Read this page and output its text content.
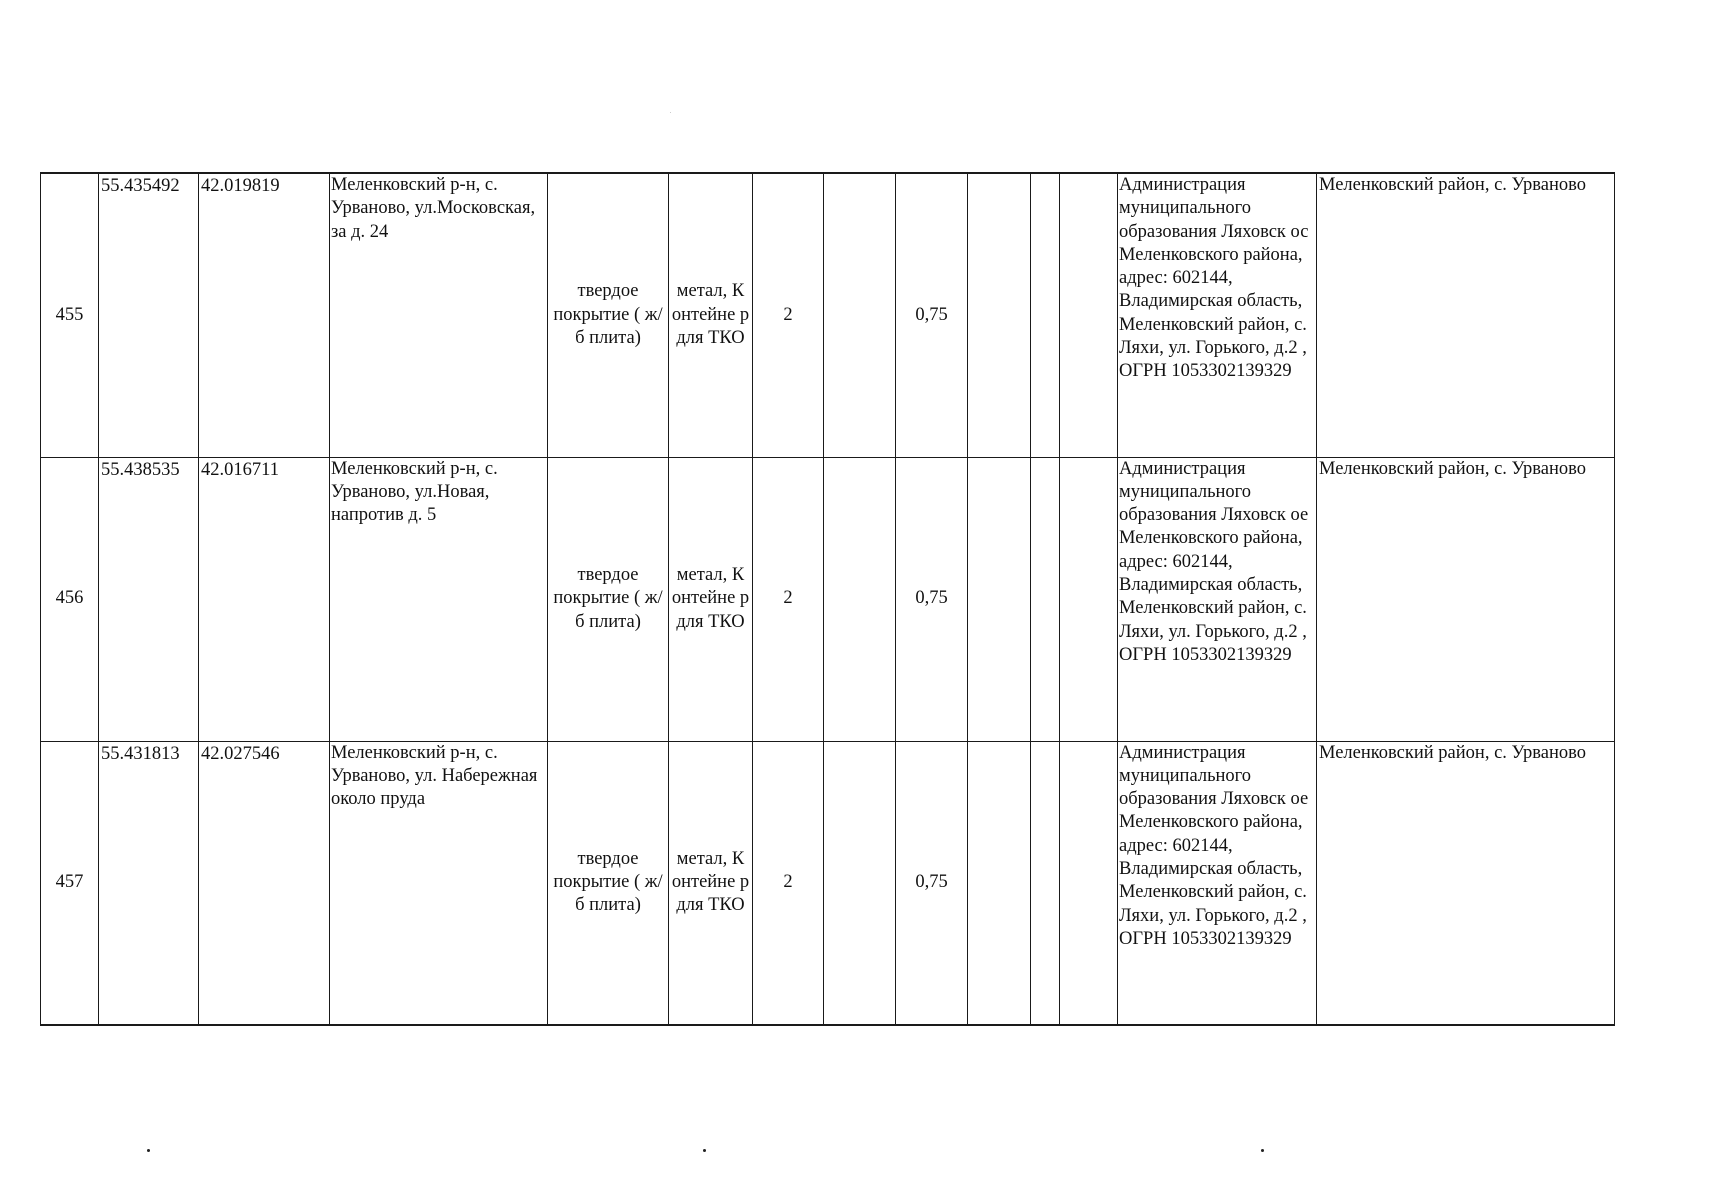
455	55.435492	42.019819	Меленковский р-н, с. Урваново, ул.Московская, за д. 24	твердое покрытие ( ж/б плита)	метал, К онтейне р для ТКО	2		0,75				Администрация муниципального образования Ляховск ос Меленковского района, адрес: 602144, Владимирская область, Меленковский район, с. Ляхи, ул. Горького, д.2 , ОГРН 1053302139329	Меленковский район, с. Урваново
456	55.438535	42.016711	Меленковский р-н, с. Урваново, ул.Новая, напротив д. 5	твердое покрытие ( ж/б плита)	метал, К онтейне р для ТКО	2		0,75				Администрация муниципального образования Ляховск ое Меленковского района, адрес: 602144, Владимирская область, Меленковский район, с. Ляхи, ул. Горького, д.2 , ОГРН 1053302139329	Меленковский район, с. Урваново
457	55.431813	42.027546	Меленковский р-н, с. Урваново, ул. Набережная около пруда	твердое покрытие ( ж/б плита)	метал, К онтейне р для ТКО	2		0,75				Администрация муниципального образования Ляховск ое Меленковского района, адрес: 602144, Владимирская область, Меленковский район, с. Ляхи, ул. Горького, д.2 , ОГРН 1053302139329	Меленковский район, с. Урваново
